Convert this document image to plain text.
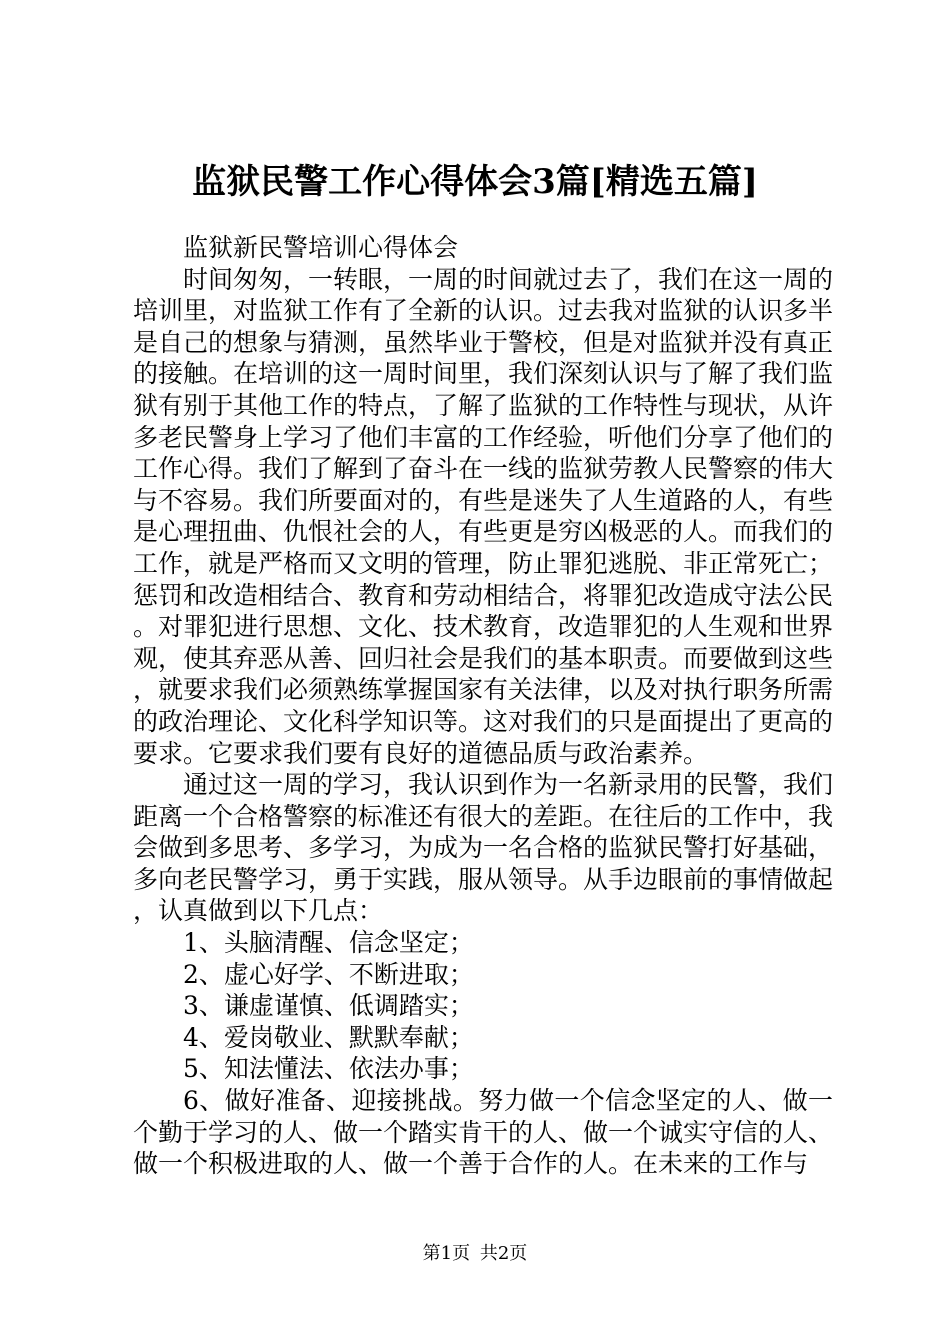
监狱民警工作心得体会3篇[精选五篇]

监狱新民警培训心得体会

时间匆匆，一转眼，一周的时间就过去了，我们在这一周的培训里，对监狱工作有了全新的认识。过去我对监狱的认识多半是自己的想象与猜测，虽然毕业于警校，但是对监狱并没有真正的接触。在培训的这一周时间里，我们深刻认识与了解了我们监狱有别于其他工作的特点，了解了监狱的工作特性与现状，从许多老民警身上学习了他们丰富的工作经验，听他们分享了他们的工作心得。我们了解到了奋斗在一线的监狱劳教人民警察的伟大与不容易。我们所要面对的，有些是迷失了人生道路的人，有些是心理扭曲、仇恨社会的人，有些更是穷凶极恶的人。而我们的工作，就是严格而又文明的管理，防止罪犯逃脱、非正常死亡；惩罚和改造相结合、教育和劳动相结合，将罪犯改造成守法公民。对罪犯进行思想、文化、技术教育，改造罪犯的人生观和世界观，使其弃恶从善、回归社会是我们的基本职责。而要做到这些，就要求我们必须熟练掌握国家有关法律，以及对执行职务所需的政治理论、文化科学知识等。这对我们的只是面提出了更高的要求。它要求我们要有良好的道德品质与政治素养。

通过这一周的学习，我认识到作为一名新录用的民警，我们距离一个合格警察的标准还有很大的差距。在往后的工作中，我会做到多思考、多学习，为成为一名合格的监狱民警打好基础，多向老民警学习，勇于实践，服从领导。从手边眼前的事情做起，认真做到以下几点：

1、头脑清醒、信念坚定；

2、虚心好学、不断进取；

3、谦虚谨慎、低调踏实；

4、爱岗敬业、默默奉献；

5、知法懂法、依法办事；

6、做好准备、迎接挑战。努力做一个信念坚定的人、做一个勤于学习的人、做一个踏实肯干的人、做一个诚实守信的人、做一个积极进取的人、做一个善于合作的人。在未来的工作与

第1页 共2页
